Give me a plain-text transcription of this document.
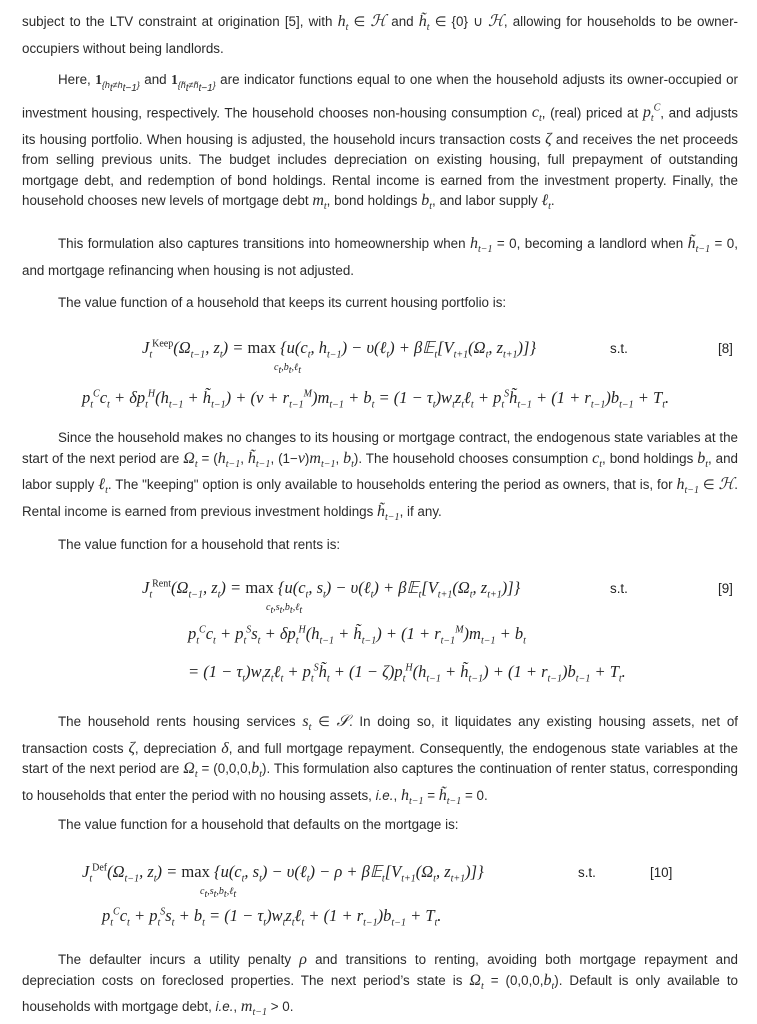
subject to the LTV constraint at origination [5], with $h_t$ ∈ ℋ and $h̃_t$ ∈ {0} ∪ ℋ, allowing for households to be owner-occupiers without being landlords.

Here, $1_{\{h_t\ne h_{t-1}\}}$ and $1_{\{h̃_t\ne h̃_{t-1}\}}$ are indicator functions equal to one when the household adjusts its owner-occupied or investment housing, respectively. The household chooses non-housing consumption $c_t$, (real) priced at $p_t^C$, and adjusts its housing portfolio. When housing is adjusted, the household incurs transaction costs ζ and receives the net proceeds from selling previous units. The budget includes depreciation on existing housing, full prepayment of outstanding mortgage debt, and redemption of bond holdings. Rental income is earned from the investment property. Finally, the household chooses new levels of mortgage debt $m_t$, bond holdings $b_t$, and labor supply ℓ$_t$.

This formulation also captures transitions into homeownership when $h_{t-1} = 0$, becoming a landlord when $h̃_{t-1} = 0$, and mortgage refinancing when housing is not adjusted.

The value function of a household that keeps its current housing portfolio is:

$J_t^{Keep}(\Omega_{t-1}$, $z_t) = \max \{u(c_t$, $h_{t-1}$) − υ(ℓ$_t$) + $\beta 𝔼_t[V_{t+1}(\Omega_t$, $z_{t+1}$)]}
$c_t,b_t,\ell_t$
s.t.	[8]
$p_t^Cc_t + \delta p_t^H(h_{t-1}$ + $h̃_{t-1}) + (\nu + r_{t-1}^M)m_{t-1} + b_t = (1$ − $\tau_t)w_tz_t\ell_t$ + $p_t^Sh̃_{t-1} + (1 + r_{t-1})b_{t-1} + T_t$.

Since the household makes no changes to its housing or mortgage contract, the endogenous state variables at the start of the next period are $\Omega_t = (h_{t-1}$, $h̃_{t-1}$, $(1-\nu)m_{t-1}$, $b_t$). The household chooses consumption $c_t$, bond holdings $b_t$, and labor supply ℓ$_t$. The "keeping" option is only available to households entering the period as owners, that is, for $h_{t-1}$ ∈ ℋ. Rental income is earned from previous investment holdings $h̃_{t-1}$, if any.

The value function for a household that rents is:

$J_t^{Rent}(\Omega_{t-1}$, $z_t) = \max \{u(c_t$, $s_t$) − υ(ℓ$_t$) + $\beta 𝔼_t[V_{t+1}(\Omega_t$, $z_{t+1}$)]}
$c_t,s_t,b_t,\ell_t$
s.t.	[9]
$p_t^Cc_t + p_t^Ss_t + \delta p_t^H(h_{t-1}$ + $h̃_{t-1}) + (1 + r_{t-1}^M)m_{t-1} + b_t$
= $(1 - \tau_t)w_tz_t\ell_t$ + $p_t^Sh̃_t + (1 - \zeta)p_t^H(h_{t-1}$ + $h̃_{t-1}) + (1 + r_{t-1})b_{t-1} + T_t$.

The household rents housing services $s_t$ ∈ 𝒮. In doing so, it liquidates any existing housing assets, net of transaction costs ζ, depreciation δ, and full mortgage repayment. Consequently, the endogenous state variables at the start of the next period are $\Omega_t = (0,0,0,b_t)$. This formulation also captures the continuation of renter status, corresponding to households that enter the period with no housing assets, i.e., $h_{t-1}$ = $h̃_{t-1} = 0$.

The value function for a household that defaults on the mortgage is:

$J_t^{Def}(\Omega_{t-1}$, $z_t) = \max \{u(c_t$, $s_t$) − υ(ℓ$_t$) − $\rho + \beta 𝔼_t[V_{t+1}(\Omega_t$, $z_{t+1}$)]}
$c_t,s_t,b_t,\ell_t$
s.t.	[10]
$p_t^Cc_t + p_t^Ss_t + b_t = (1$ − $\tau_t)w_tz_t\ell_t + (1 + r_{t-1})b_{t-1} + T_t$.

The defaulter incurs a utility penalty ρ and transitions to renting, avoiding both mortgage repayment and depreciation costs on foreclosed properties. The next period’s state is $\Omega_t = (0,0,0,b_t)$. Default is only available to households with mortgage debt, i.e., $m_{t-1} > 0$.
